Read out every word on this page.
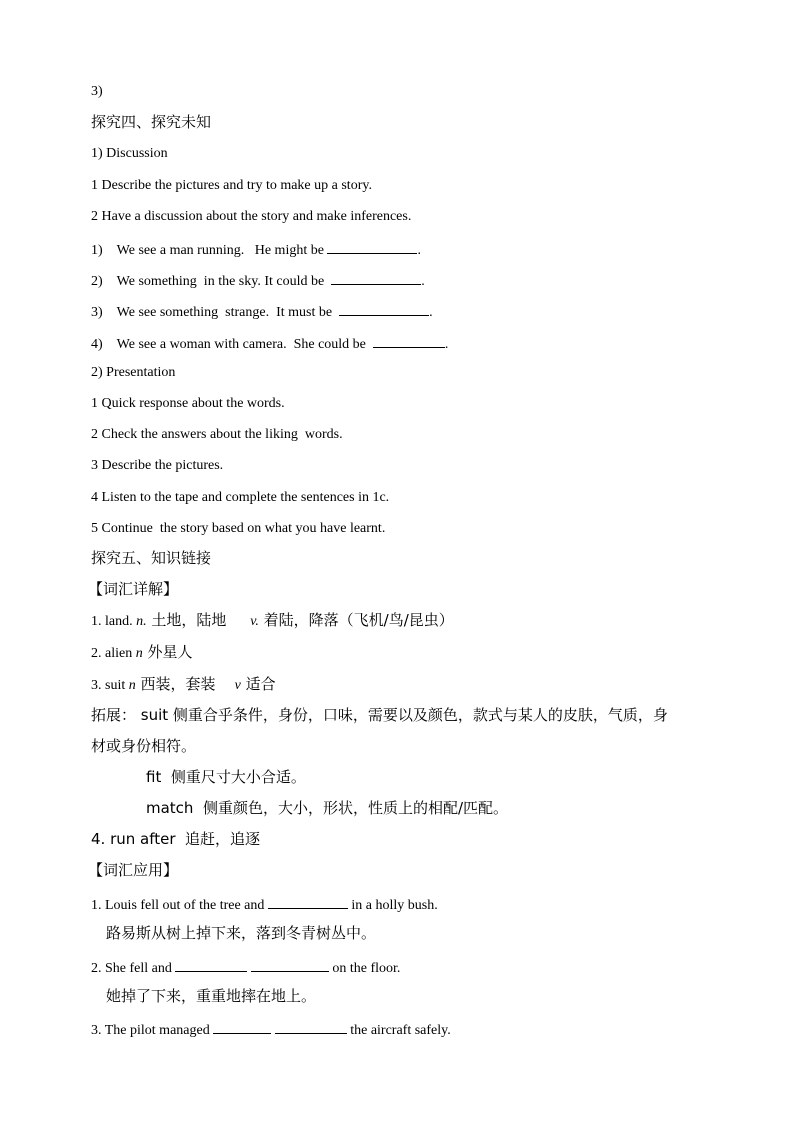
3)
探究四、探究未知
1) Discussion
1 Describe the pictures and try to make up a story.
2 Have a discussion about the story and make inferences.
1) We see a man running.   He might be	.
2) We something  in the sky. It could be	.
3) We see something  strange.  It must be	.
4) We see a woman with camera.  She could be	.
2) Presentation
1 Quick response about the words.
2 Check the answers about the liking  words.
3 Describe the pictures.
4 Listen to the tape and complete the sentences in 1c.
5 Continue  the story based on what you have learnt.
探究五、知识链接
【词汇详解】
1. land. n. 土地，陆地     v. 着陆，降落（飞机/鸟/昆虫）
2. alien n 外星人
3. suit n 西装，套装    v 适合
拓展： suit 侧重合乎条件，身份，口味，需要以及颜色，款式与某人的皮肤，气质，身
材或身份相符。
fit  侧重尺寸大小合适。
match  侧重颜色，大小，形状，性质上的相配/匹配。
4. run after  追赶，追逐
【词汇应用】
1. Louis fell out of the tree and	in a holly bush.
路易斯从树上掉下来，落到冬青树丛中。
2. She fell and	on the floor.
她掉了下来，重重地摔在地上。
3. The pilot managed	the aircraft safely.
